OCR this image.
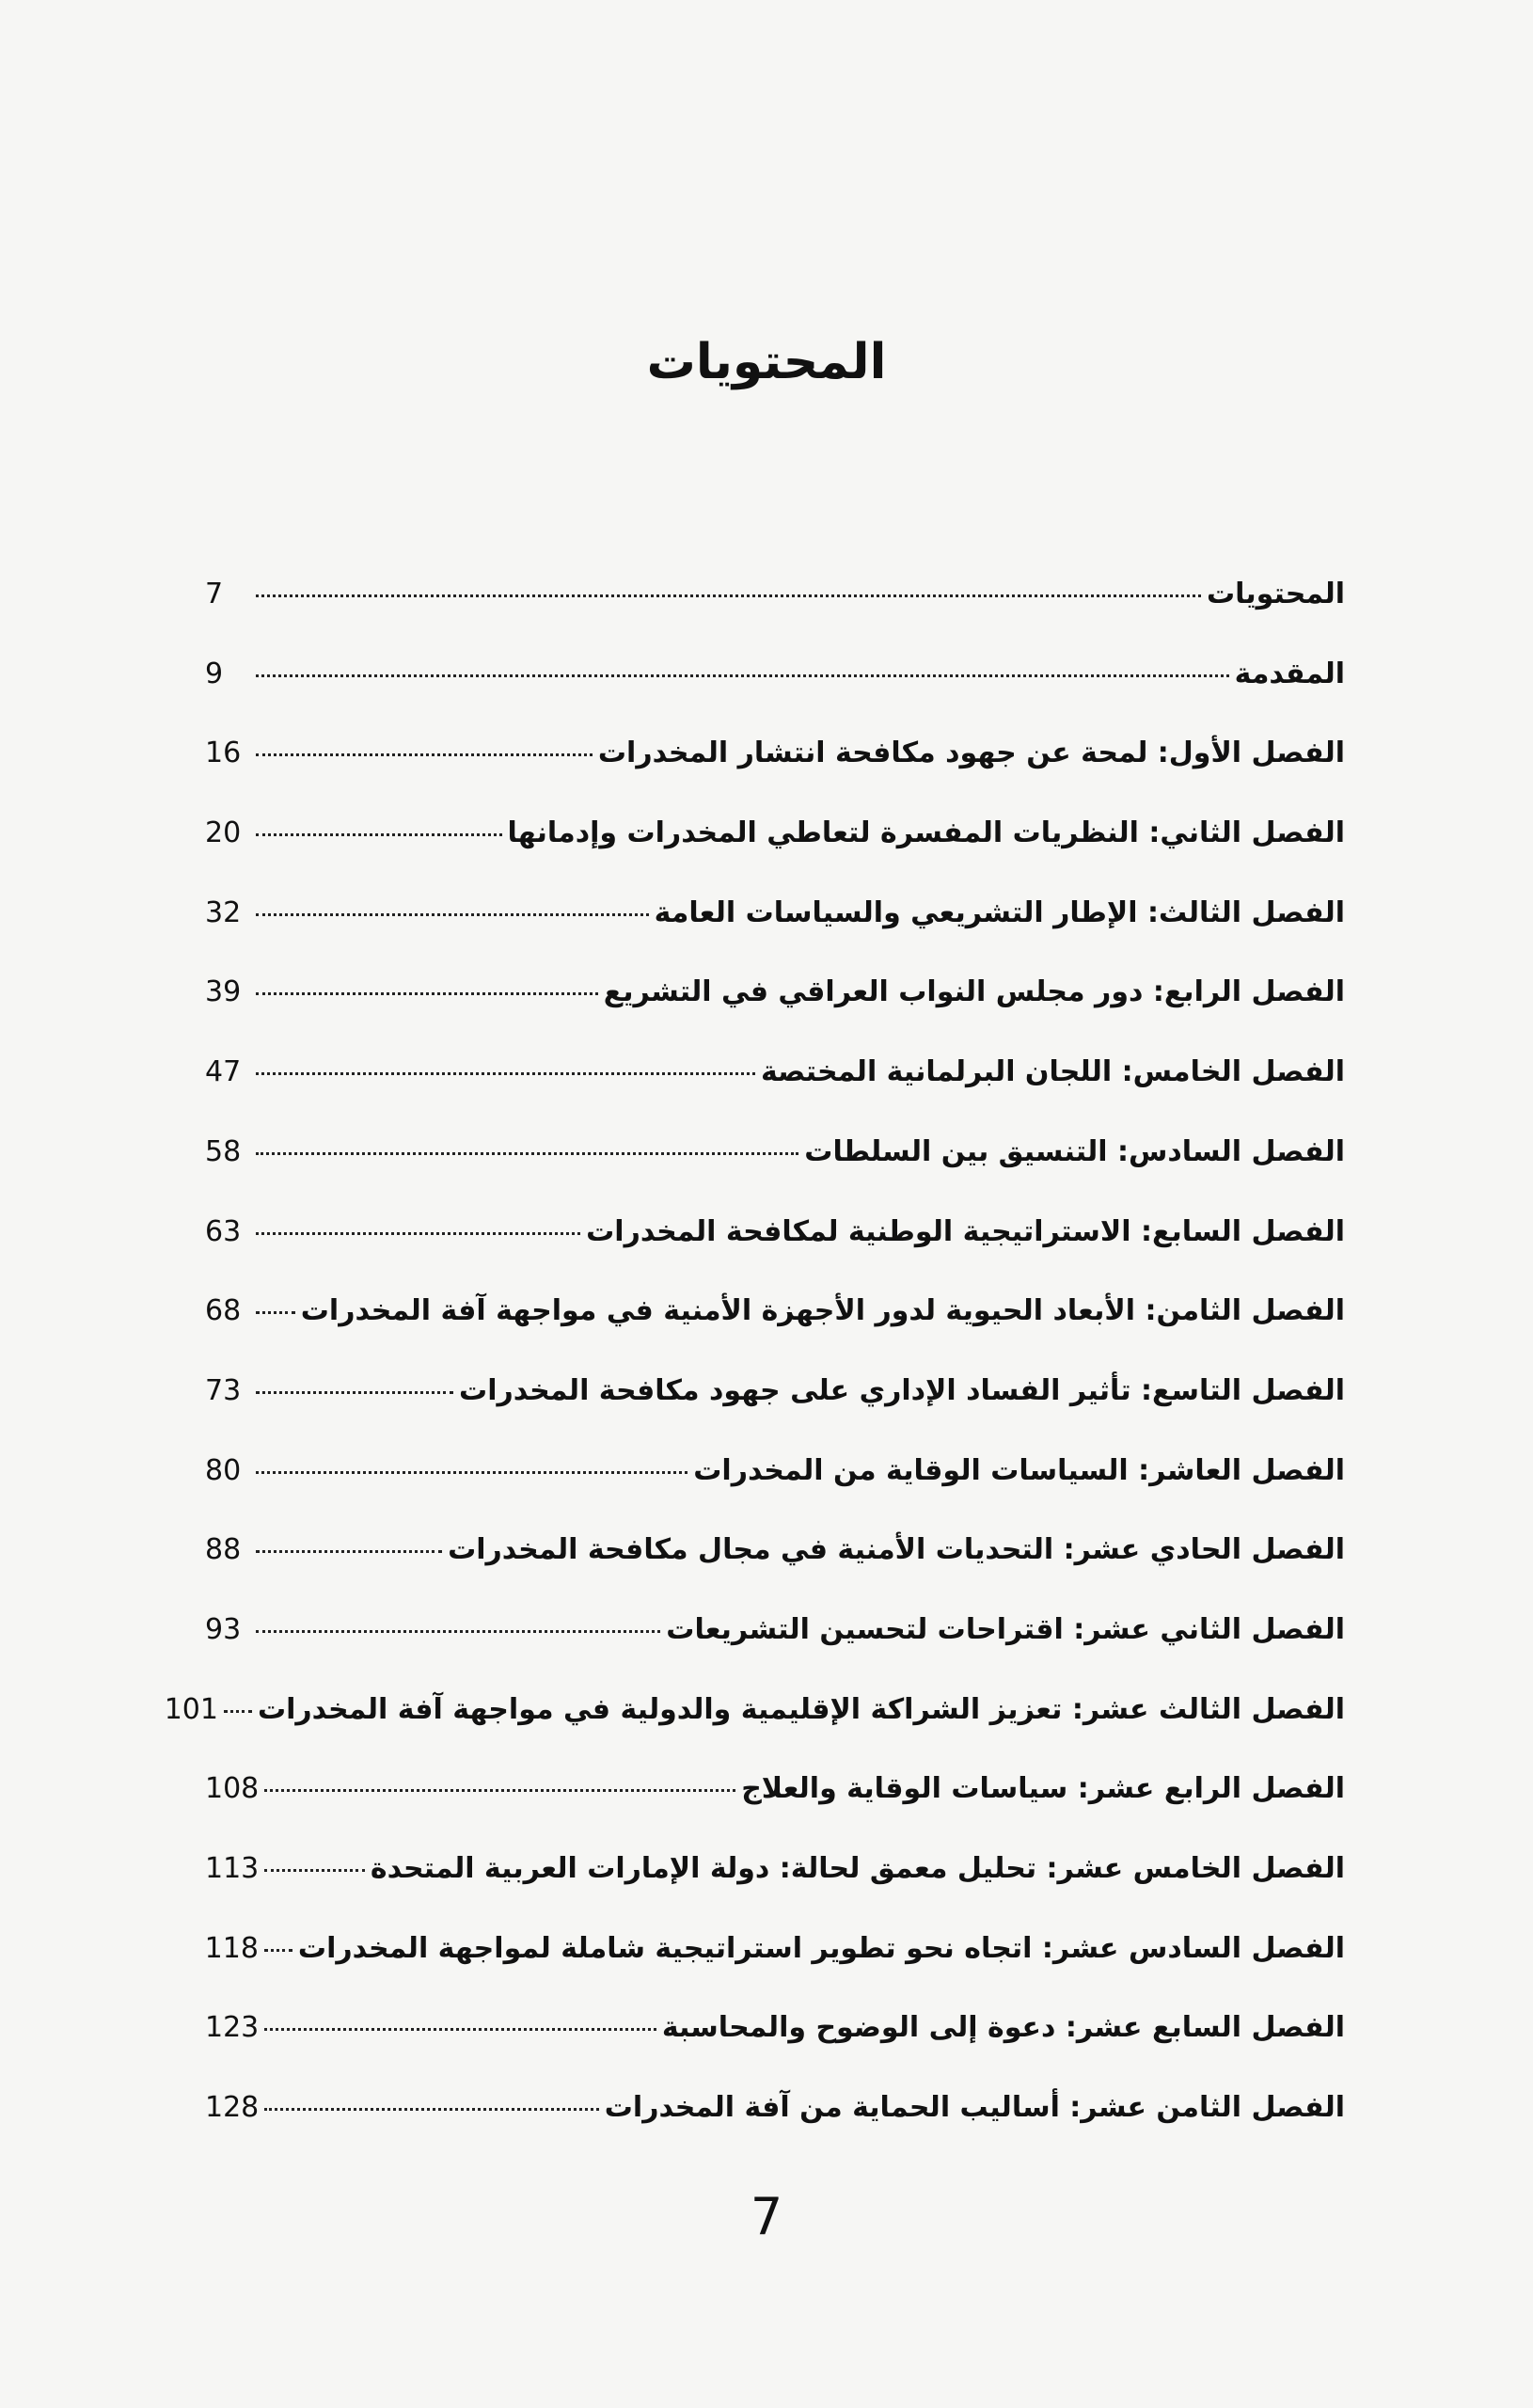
المحتويات
المحتويات
7
المقدمة
9
الفصل الأول: لمحة عن جهود مكافحة انتشار المخدرات
16
الفصل الثاني: النظريات المفسرة لتعاطي المخدرات وإدمانها
20
الفصل الثالث: الإطار التشريعي والسياسات العامة
32
الفصل الرابع: دور مجلس النواب العراقي في التشريع
39
الفصل الخامس: اللجان البرلمانية المختصة
47
الفصل السادس: التنسيق بين السلطات
58
الفصل السابع: الاستراتيجية الوطنية لمكافحة المخدرات
63
الفصل الثامن: الأبعاد الحيوية لدور الأجهزة الأمنية في مواجهة آفة المخدرات
68
الفصل التاسع: تأثير الفساد الإداري على جهود مكافحة المخدرات
73
الفصل العاشر: السياسات الوقاية من المخدرات
80
الفصل الحادي عشر: التحديات الأمنية في مجال مكافحة المخدرات
88
الفصل الثاني عشر: اقتراحات لتحسين التشريعات
93
الفصل الثالث عشر: تعزيز الشراكة الإقليمية والدولية في مواجهة آفة المخدرات
101
الفصل الرابع عشر: سياسات الوقاية والعلاج
108
الفصل الخامس عشر: تحليل معمق لحالة: دولة الإمارات العربية المتحدة
113
الفصل السادس عشر: اتجاه نحو تطوير استراتيجية شاملة لمواجهة المخدرات
118
الفصل السابع عشر: دعوة إلى الوضوح والمحاسبة
123
الفصل الثامن عشر: أساليب الحماية من آفة المخدرات
128
7
